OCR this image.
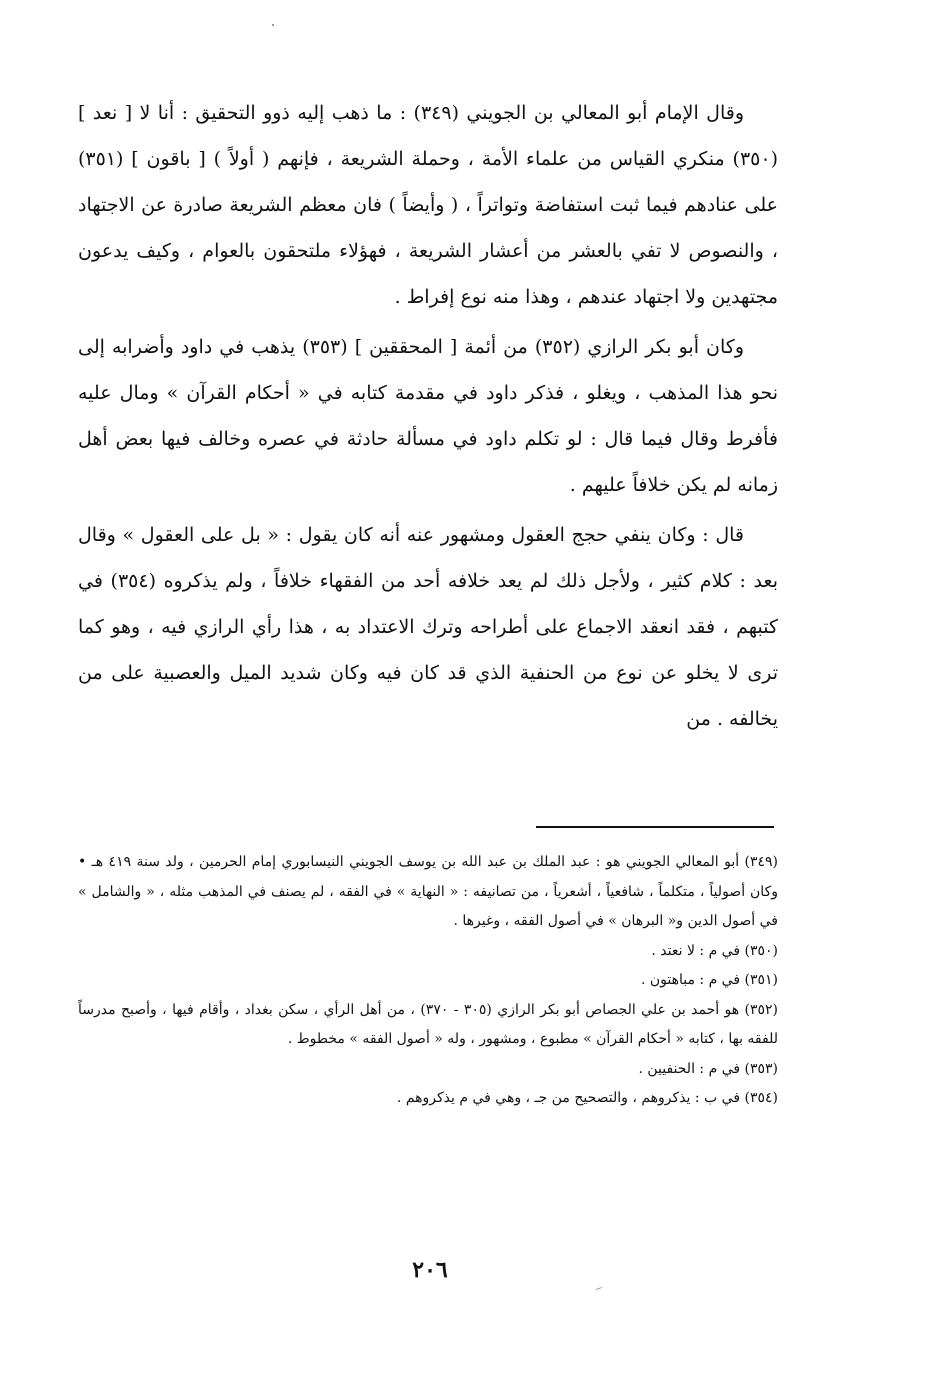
وقال الإمام أبو المعالي بن الجويني (٣٤٩) : ما ذهب إليه ذوو التحقيق : أنا لا [ نعد ] (٣٥٠) منكري القياس من علماء الأمة ، وحملة الشريعة ، فإنهم ( أولاً ) [ باقون ] (٣٥١) على عنادهم فيما ثبت استفاضة وتواتراً ، ( وأيضاً ) فان معظم الشريعة صادرة عن الاجتهاد ، والنصوص لا تفي بالعشر من أعشار الشريعة ، فهؤلاء ملتحقون بالعوام ، وكيف يدعون مجتهدين ولا اجتهاد عندهم ، وهذا منه نوع إفراط .

وكان أبو بكر الرازي (٣٥٢) من أئمة [ المحققين ] (٣٥٣) يذهب في داود وأضرابه إلى نحو هذا المذهب ، ويغلو ، فذكر داود في مقدمة كتابه في « أحكام القرآن » ومال عليه فأفرط وقال فيما قال : لو تكلم داود في مسألة حادثة في عصره وخالف فيها بعض أهل زمانه لم يكن خلافاً عليهم .

قال : وكان ينفي حجج العقول ومشهور عنه أنه كان يقول : « بل على العقول » وقال بعد : كلام كثير ، ولأجل ذلك لم يعد خلافه أحد من الفقهاء خلافاً ، ولم يذكروه (٣٥٤) في كتبهم ، فقد انعقد الاجماع على أطراحه وترك الاعتداد به ، هذا رأي الرازي فيه ، وهو كما ترى لا يخلو عن نوع من الحنفية الذي قد كان فيه وكان شديد الميل والعصبية على من يخالفه . من

(٣٤٩) أبو المعالي الجويني هو : عبد الملك بن عبد الله بن يوسف الجويني النيسابوري إمام الحرمين ، ولد سنة ٤١٩ هـ • وكان أصولياً ، متكلماً ، شافعياً ، أشعرياً ، من تصانيفه : « النهاية » في الفقه ، لم يصنف في المذهب مثله ، « والشامل » في أصول الدين و« البرهان » في أصول الفقه ، وغيرها .

(٣٥٠) في م : لا نعتد .

(٣٥١) في م : مباهتون .

(٣٥٢) هو أحمد بن علي الجصاص أبو بكر الرازي (٣٠٥ - ٣٧٠) ، من أهل الرأي ، سكن بغداد ، وأقام فيها ، وأصبح مدرساً للفقه بها ، كتابه « أحكام القرآن » مطبوع ، ومشهور ، وله « أصول الفقه » مخطوط .

(٣٥٣) في م : الحنفيين .

(٣٥٤) في ب : يذكروهم ، والتصحيح من جـ ، وهي في م يذكروهم .

٢٠٦
